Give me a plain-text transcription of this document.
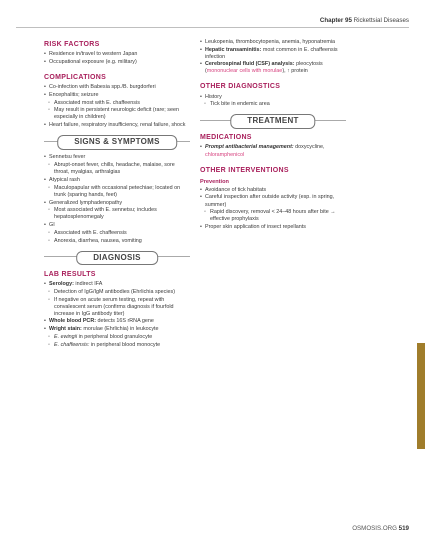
Chapter 95 Rickettsial Diseases
RISK FACTORS
• Residence in/travel to western Japan
• Occupational exposure (e.g. military)
COMPLICATIONS
• Co-infection with Babesia spp./B. burgdorferi
• Encephalitis; seizure
◦ Associated most with E. chaffeensis
◦ May result in persistent neurologic deficit (rare; seen especially in children)
• Heart failure, respiratory insufficiency, renal failure, shock
SIGNS & SYMPTOMS
• Sennetsu fever
◦ Abrupt-onset fever, chills, headache, malaise, sore throat, myalgias, arthralgias
• Atypical rash
◦ Maculopapular with occasional petechiae; located on trunk (sparing hands, feet)
• Generalized lymphadenopathy
◦ Most associated with E. sennetsu; includes hepatosplenomegaly
• GI
◦ Associated with E. chaffeensis
◦ Anorexia, diarrhea, nausea, vomiting
DIAGNOSIS
LAB RESULTS
• Serology: indirect IFA
◦ Detection of IgG/IgM antibodies (Ehrlichia species)
◦ If negative on acute serum testing, repeat with convalescent serum (confirms diagnosis if fourfold increase in IgG antibody titer)
• Whole blood PCR: detects 16S rRNA gene
• Wright stain: morulae (Ehrlichia) in leukocyte
◦ E. ewingii in peripheral blood granulocyte
◦ E. chaffeensis: in peripheral blood monocyte
• Leukopenia, thrombocytopenia, anemia, hyponatremia
• Hepatic transaminitis: most common in E. chaffeensis infection
• Cerebrospinal fluid (CSF) analysis: pleocytosis (mononuclear cells with morulae), ↑ protein
OTHER DIAGNOSTICS
• History
◦ Tick bite in endemic area
TREATMENT
MEDICATIONS
• Prompt antibacterial management: doxycycline, chloramphenicol
OTHER INTERVENTIONS
Prevention
• Avoidance of tick habitats
• Careful inspection after outside activity (esp. in spring, summer)
◦ Rapid discovery, removal < 24–48 hours after bite → effective prophylaxis
• Proper skin application of insect repellants
OSMOSIS.ORG 519
